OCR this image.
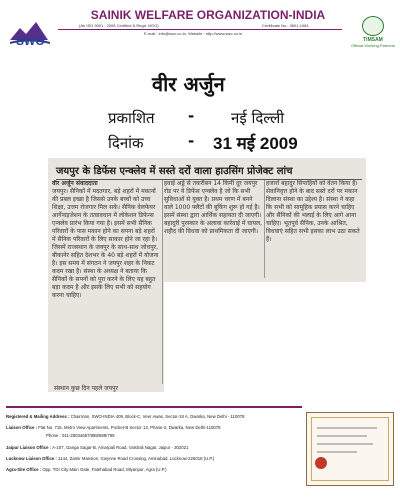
SWO
SAINIK WELFARE ORGANIZATION-INDIA
(An ISO 9001 : 2008 Certified & Regd. NGO)	Certificate No.: 3601-1081
E-mail : info@swo.co.in, Website : http://www.swo.co.in
TIMSAM
Official Working Partners
वीर अर्जुन
प्रकाशित - नई दिल्ली
दिनांक	- 31 मई 2009
जयपुर के डिफेंस एन्क्लेव में सस्ते दरों वाला हाउसिंग प्रोजेक्ट लांच

वीर अर्जुन संवाददाता

जयपुर। सैनिकों में मदतगार, बड़े शहरों में मकानों की प्रबल इच्छा है जिससे उनके बच्चों को उच्च शिक्षा, उत्तम रोजगार मिल सके। सैनिक वेलफेयर आर्गेनाइजेशन के तत्वावधान में लोकेशन डिफेन्स एन्क्लेव प्रारंभ किया गया है। इसमें सभी सैनिक परिवारों के पास मकान होने का सपना बड़े शहरों में सैनिक परिवारों के लिए साकार होने जा रहा है। जिसमें राजस्थान के जयपुर के साथ-साथ जोधपुर, बीकानेर सहित देशभर के 40 बड़े शहरों में योजना है। इस समय में संगठन ने जयपुर शहर के निकट कदम रखा है। संस्था के अध्यक्ष ने बताया कि सैनिकों के सपनों को पूरा करने के लिए यह बहुत बड़ा कदम है और इसके लिए सभी को सहयोग करना चाहिए।

हवाई अड्डे से तकरीबन 14 किमी दूर जयपुर रोड पर ये डिफेंस एन्क्लेव है जो कि सभी सुविधाओं से युक्त है। प्रथम चरण में बनने वाले 1000 फ्लैटों की बुकिंग शुरू हो गई है। इसमें संस्था द्वारा आर्थिक सहायता दी जाएगी। बहादुरी पुरस्कार के अलावा कार्रवाई में घायल, शहीद की विधवा को प्राथमिकता दी जाएगी।

हजारों बहादुर सिपाहियों को वेतन किया है। सेवानिवृत्त होने के बाद सस्ते दरों पर मकान दिलाना संस्था का उद्देश्य है। संस्था ने कहा कि सभी को सामूहिक प्रयास करने चाहिए और सैनिकों की भलाई के लिए आगे आना चाहिए। भूतपूर्व सैनिक, उनके आश्रित, विधवाएं सहित सभी इसका लाभ उठा सकते हैं।

संस्थान कुछ दिन पहले जयपुर
Registered & Mailing Address : Chairman, SWO-INDIA 409, Block-C, Veer Awas, Sector-18 A, Dwarka, New Delhi - 110078
Liaison Office : Flat No. 715, Metro View Apartments, Pocket-B Sector 13, Phase-2, Dwarka, New Delhi-110078
Phone : 011-28034687/888/589/799
Jaipur Liaison Office : A-107, Ganga Sagar-B, Amarpali Road, Vaishali Nagar, Jaipur - 302021
Lucknow Liaison Office : 1144, Zamir Mansion, Gwynne Road Crossing, Aminabad, Lucknow-226018 (U.P.)
Agra-Site Office : Opp. TDI City Main Gate, Fatehabad Road, Mlyanpur, Agra (U.P.)
